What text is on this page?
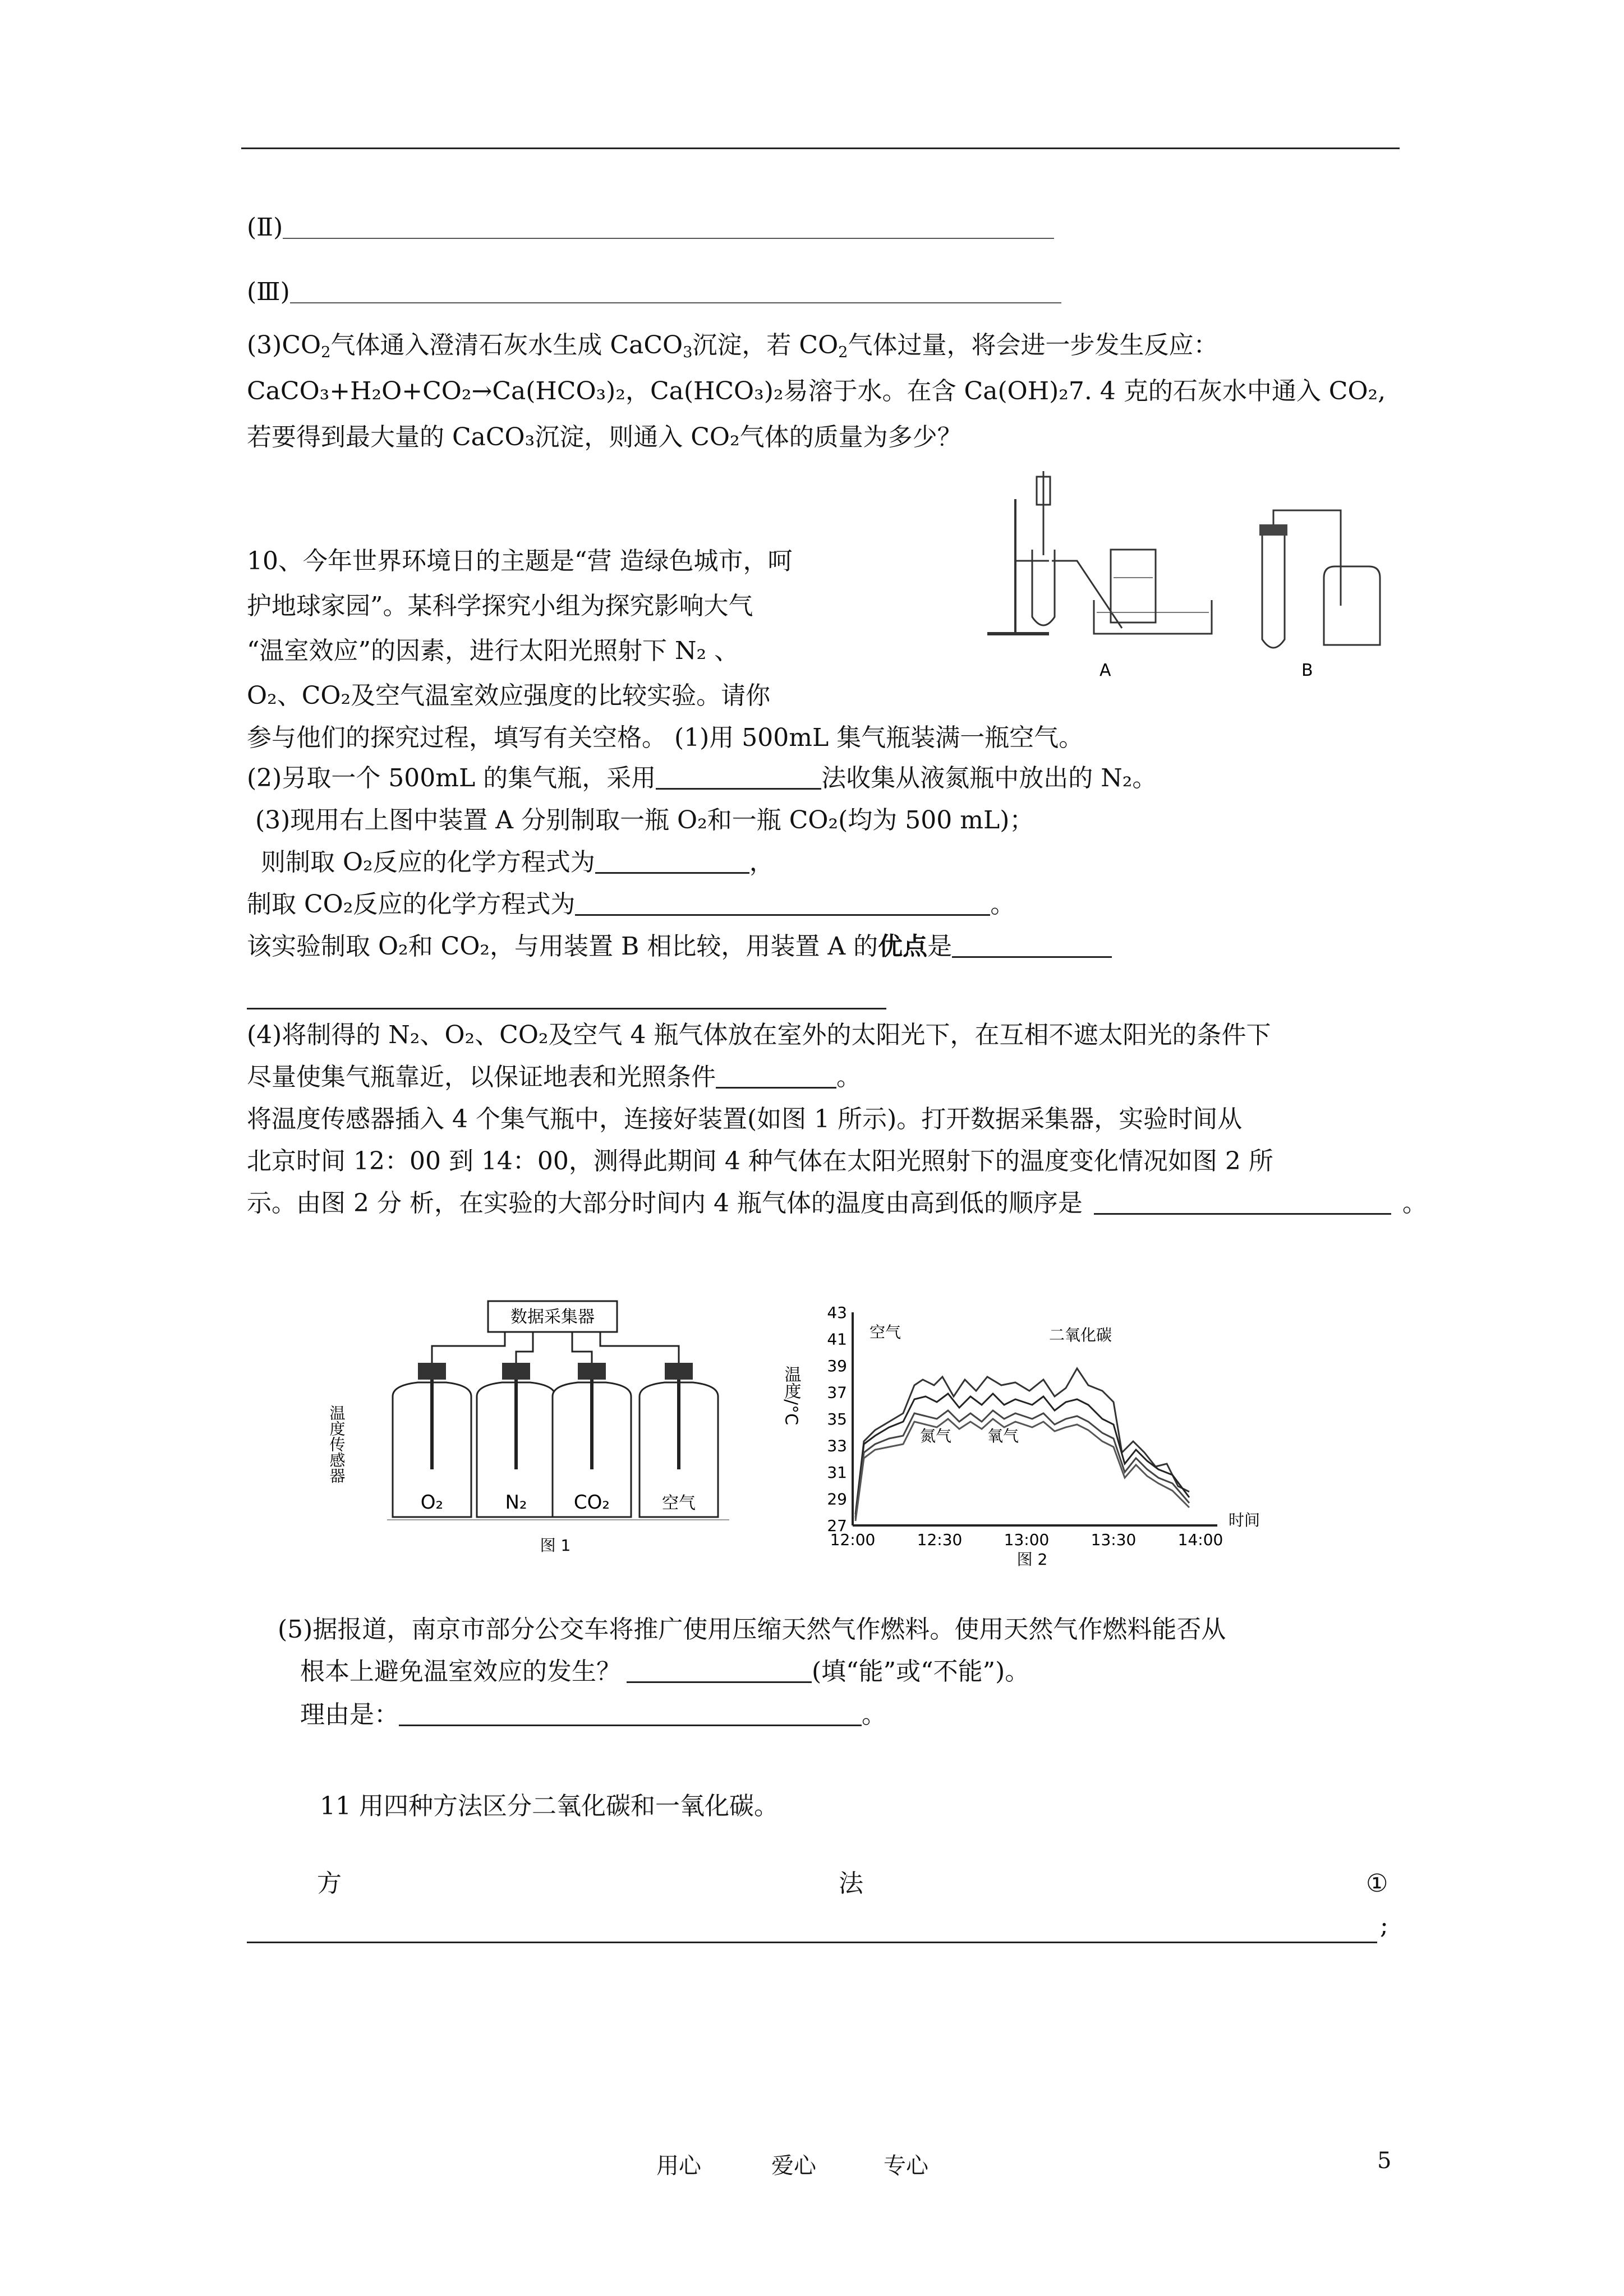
(Ⅱ)
(Ⅲ)
$(3)CO_2$气体通入澄清石灰水生成 CaCO$_3$沉淀，若 $CO_2$气体过量，将会进一步发生反应：
CaCO₃+H₂O+CO₂→Ca(HCO₃)₂，Ca(HCO₃)₂易溶于水。在含 Ca(OH)₂7. 4 克的石灰水中通入 CO₂,
若要得到最大量的 CaCO₃沉淀，则通入 CO₂气体的质量为多少？
10、今年世界环境日的主题是“营 造绿色城市，呵
护地球家园”。某科学探究小组为探究影响大气
“温室效应”的因素，进行太阳光照射下 N₂ 、
O₂、CO₂及空气温室效应强度的比较实验。请你
参与他们的探究过程，填写有关空格。 (1)用 500mL 集气瓶装满一瓶空气。
(2)另取一个 500mL 的集气瓶，采用	法收集从液氮瓶中放出的 N₂。
(3)现用右上图中装置 A 分别制取一瓶 O₂和一瓶 CO₂(均为 500 mL)；
则制取 O₂反应的化学方程式为	，
制取 CO₂反应的化学方程式为	。
该实验制取 O₂和 CO₂，与用装置 B 相比较，用装置 A 的优点是
(4)将制得的 N₂、O₂、CO₂及空气 4 瓶气体放在室外的太阳光下，在互相不遮太阳光的条件下
尽量使集气瓶靠近，以保证地表和光照条件	。
将温度传感器插入 4 个集气瓶中，连接好装置(如图 1 所示)。打开数据采集器，实验时间从
北京时间 12：00 到 14：00，测得此期间 4 种气体在太阳光照射下的温度变化情况如图 2 所
示。由图 2 分 析，在实验的大部分时间内 4 瓶气体的温度由高到低的顺序是	。
A	B
数据采集器
温度传感器
O₂	N₂ CO₂	空气
图 1
温度/°C
43
41
39
37
35
33
31
29
27
12:00	12:30	13:00	13:30	14:00
时间
空气	二氧化碳
氮气 氧气
图 2
(5)据报道，南京市部分公交车将推广使用压缩天然气作燃料。使用天然气作燃料能否从
根本上避免温室效应的发生？	(填“能”或“不能”)。
理由是：	。
11 用四种方法区分二氧化碳和一氧化碳。
方	法	①
;
用心	爱心	专心	5
